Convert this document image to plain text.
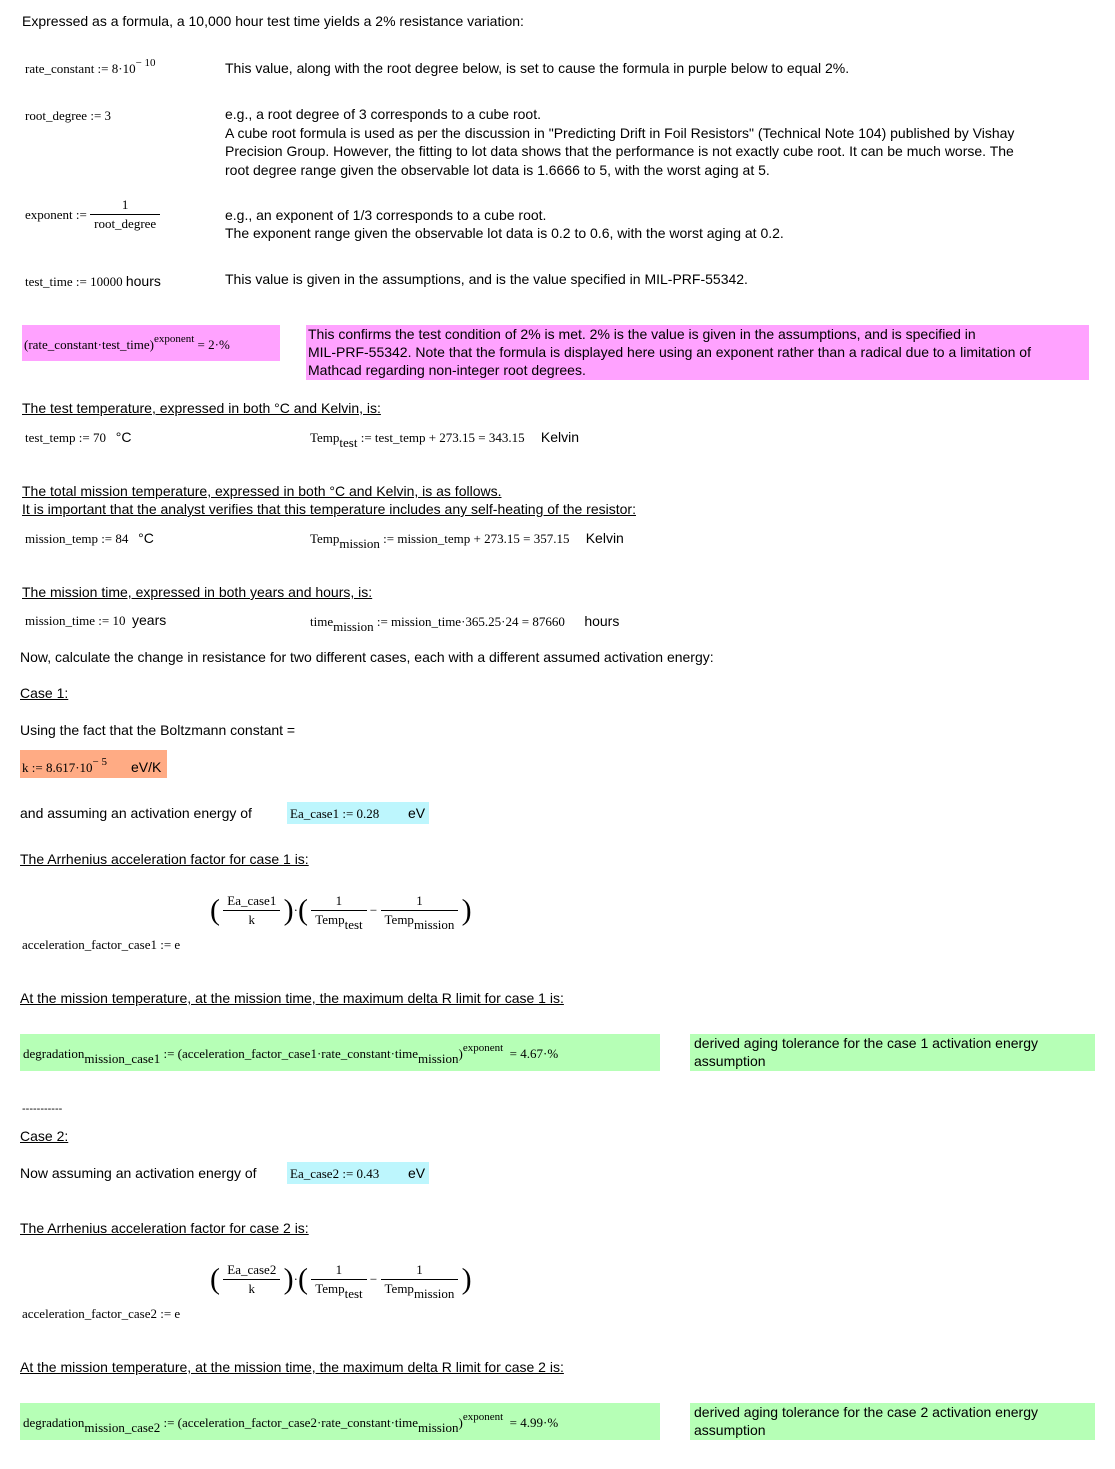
Expressed as a formula, a 10,000 hour test time yields a 2% resistance variation:
rate_constant := $8\cdot 10^{- 10}$	This value, along with the root degree below, is set to cause the formula in purple below to equal 2%.
root_degree := 3	e.g., a root degree of 3 corresponds to a cube root.
A cube root formula is used as per the discussion in "Predicting Drift in Foil Resistors" (Technical Note 104) published by Vishay
Precision Group. However, the fitting to lot data shows that the performance is not exactly cube root. It can be much worse. The
root degree range given the observable lot data is 1.6666 to 5, with the worst aging at 5.
exponent := $\frac{1}{\text{root\_degree}}$	e.g., an exponent of 1/3 corresponds to a cube root.
The exponent range given the observable lot data is 0.2 to 0.6, with the worst aging at 0.2.
test_time := 10000 hours	This value is given in the assumptions, and is the value specified in MIL-PRF-55342.
(rate_constant·test_time)$^{exponent}$ = 2·%
This confirms the test condition of 2% is met. 2% is the value is given in the assumptions, and is specified in
MIL-PRF-55342. Note that the formula is displayed here using an exponent rather than a radical due to a limitation of
Mathcad regarding non-integer root degrees.
The test temperature, expressed in both °C and Kelvin, is:
test_temp := 70 °C	Temptest := test_temp + 273.15 = 343.15 Kelvin
The total mission temperature, expressed in both °C and Kelvin, is as follows.
It is important that the analyst verifies that this temperature includes any self-heating of the resistor:
mission_temp := 84 °C	Tempmission := mission_temp + 273.15 = 357.15 Kelvin
The mission time, expressed in both years and hours, is:
mission_time := 10 years	timemission := mission_time·365.25·24 = 87660 hours
Now, calculate the change in resistance for two different cases, each with a different assumed activation energy:
Case 1:
Using the fact that the Boltzmann constant =
k := $8.617\cdot 10^{- 5}$ eV/K
and assuming an activation energy of	Ea_case1 := 0.28 eV
The Arrhenius acceleration factor for case 1 is:
acceleration_factor_case1 := e
( $\frac{\text{Ea\_case1}}{k}$ )·( $\frac{1}{\text{Temptest}} - \frac{1}{\text{Tempmission}}$ )
At the mission temperature, at the mission time, the maximum delta R limit for case 1 is:
degradationmission_case1 := (acceleration_factor_case1·rate_constant·timemission)$^{exponent}$ = 4.67·%
derived aging tolerance for the case 1 activation energy
assumption
-----------
Case 2:
Now assuming an activation energy of	Ea_case2 := 0.43 eV
The Arrhenius acceleration factor for case 2 is:
acceleration_factor_case2 := e
( $\frac{\text{Ea\_case2}}{k}$ )·( $\frac{1}{\text{Temptest}} - \frac{1}{\text{Tempmission}}$ )
At the mission temperature, at the mission time, the maximum delta R limit for case 2 is:
degradationmission_case2 := (acceleration_factor_case2·rate_constant·timemission)$^{exponent}$ = 4.99·%
derived aging tolerance for the case 2 activation energy
assumption
